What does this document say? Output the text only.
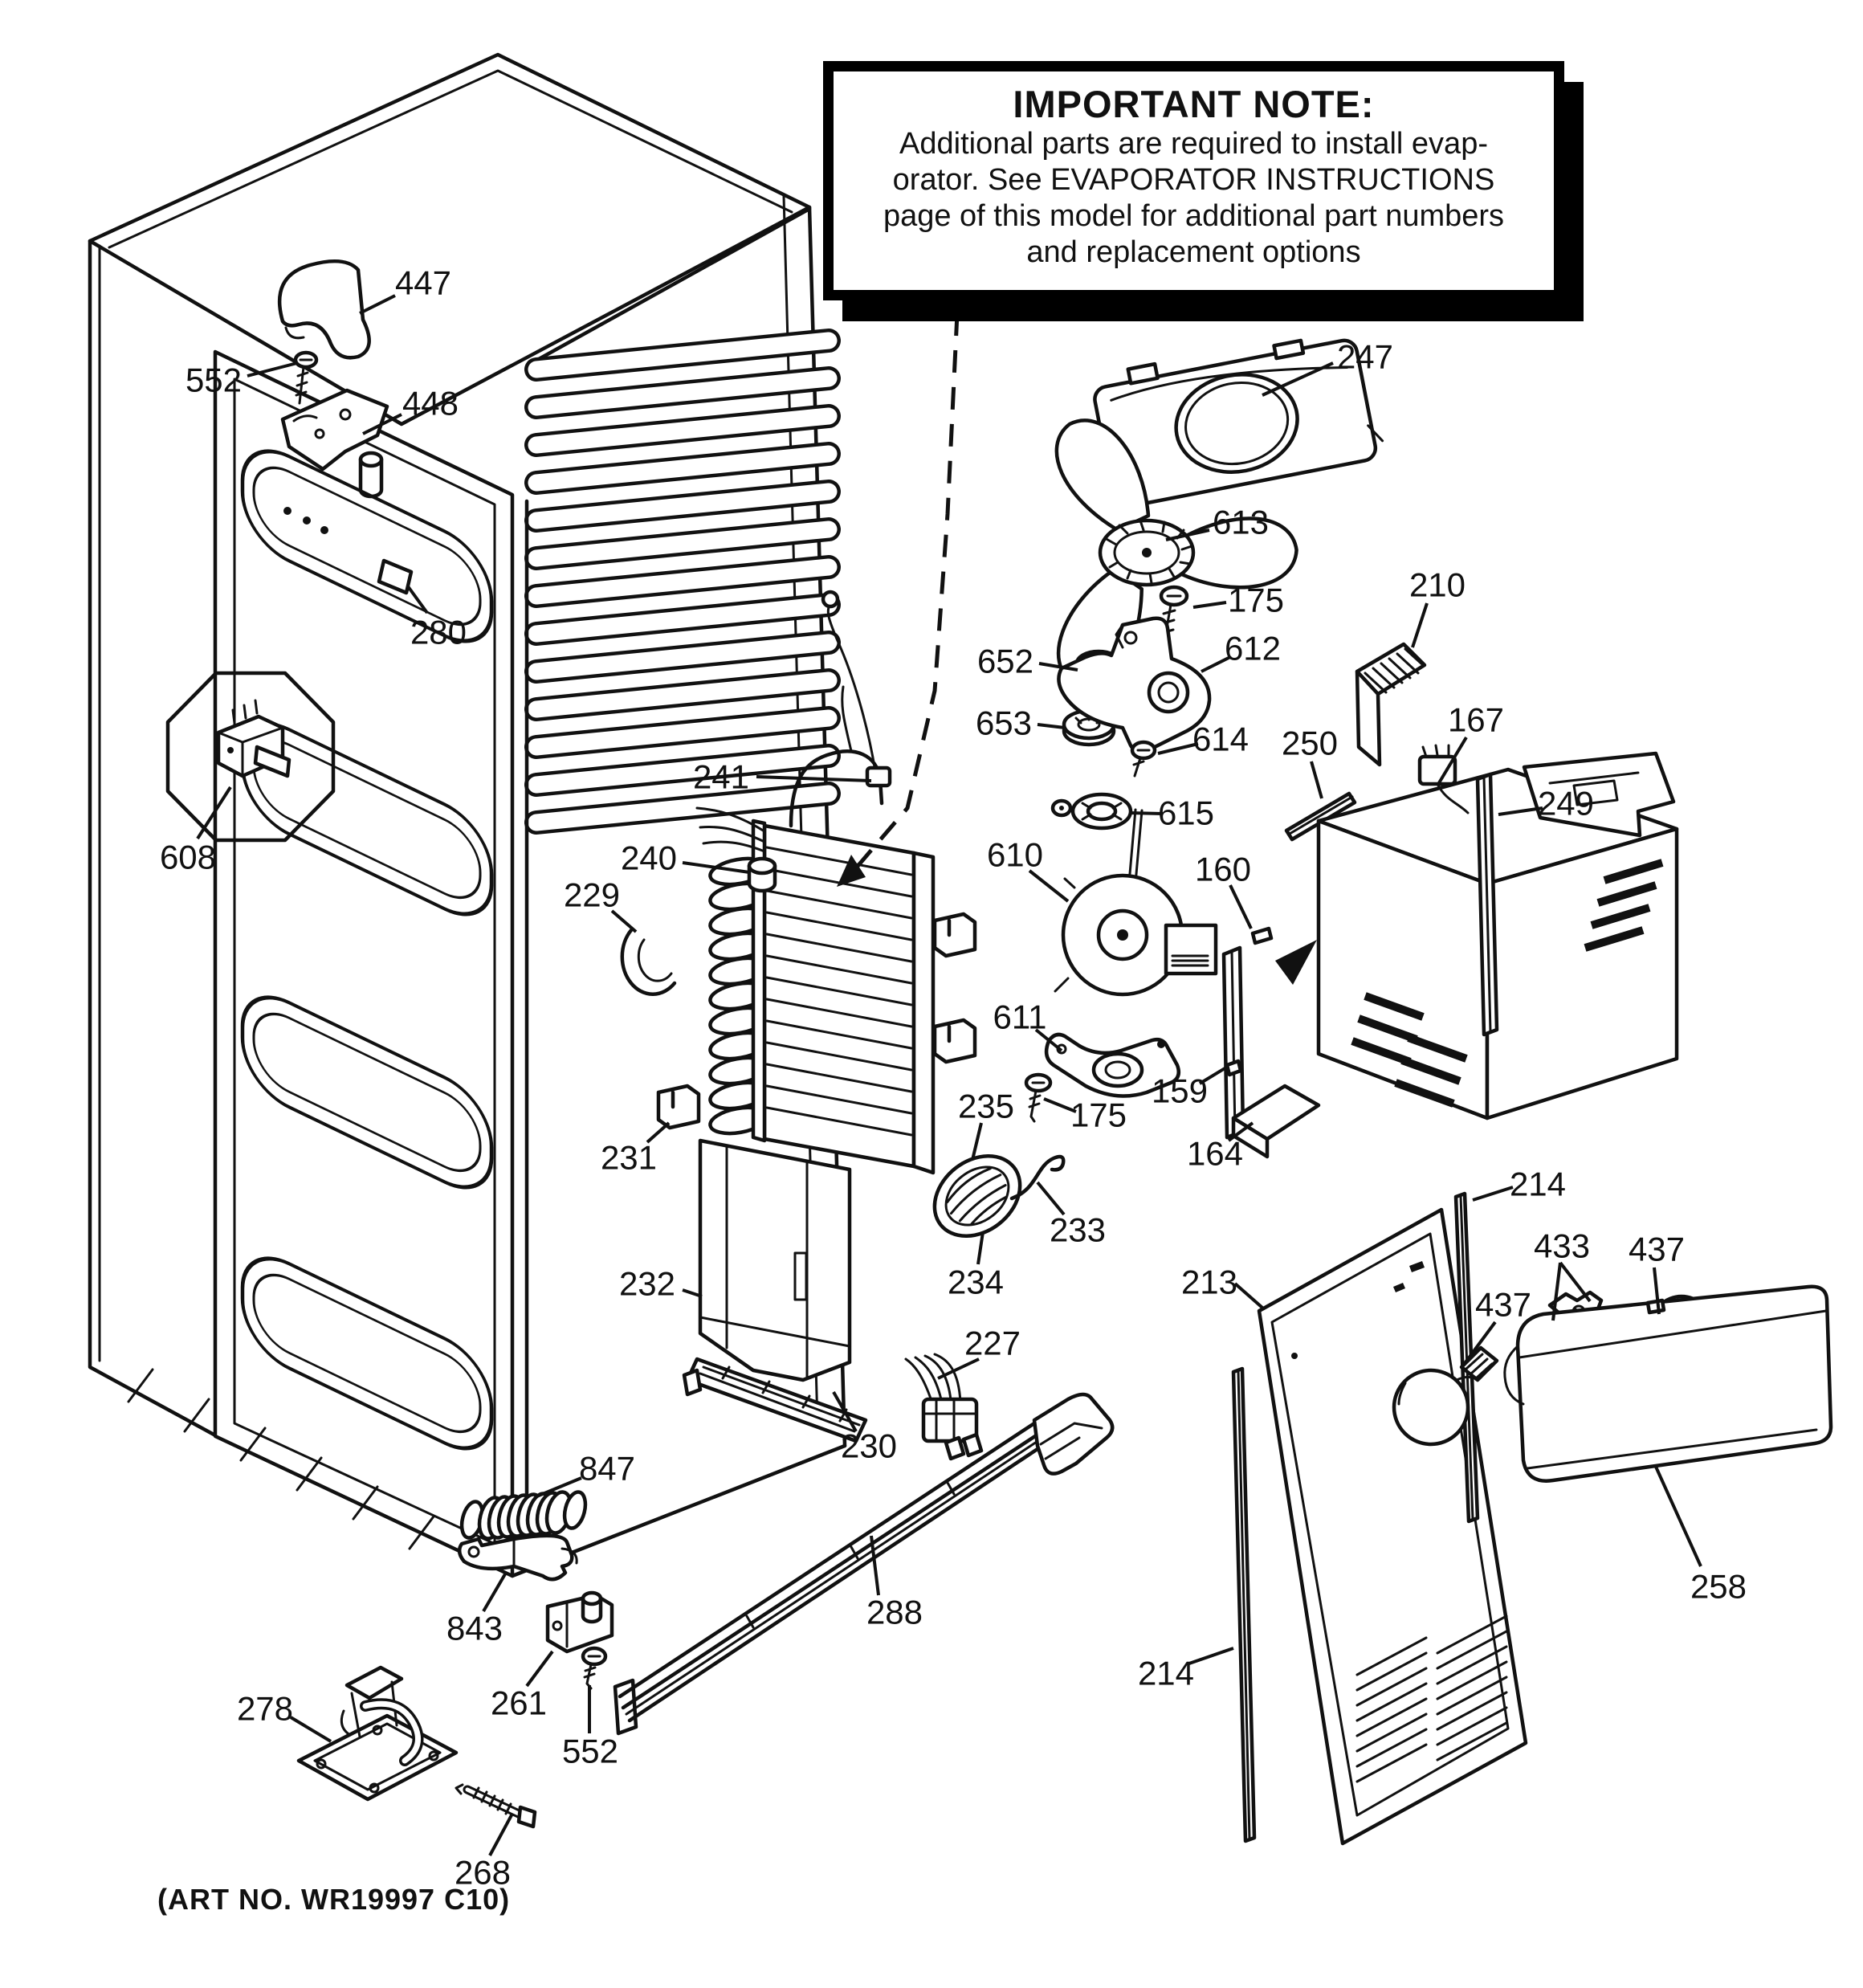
447
552
448
280
608
241
240
229
231
232
230
227
235
234
233
288
247
613
175
652
653
612
614
615
610
611
175
210
250
167
249
160
159
164
213
214
433 437
437
258
214
847
843
261
552
278
268
IMPORTANT NOTE:
Additional parts are required to install evap-
orator. See EVAPORATOR INSTRUCTIONS
page of this model for additional part numbers
and replacement options
(ART NO. WR19997 C10)
